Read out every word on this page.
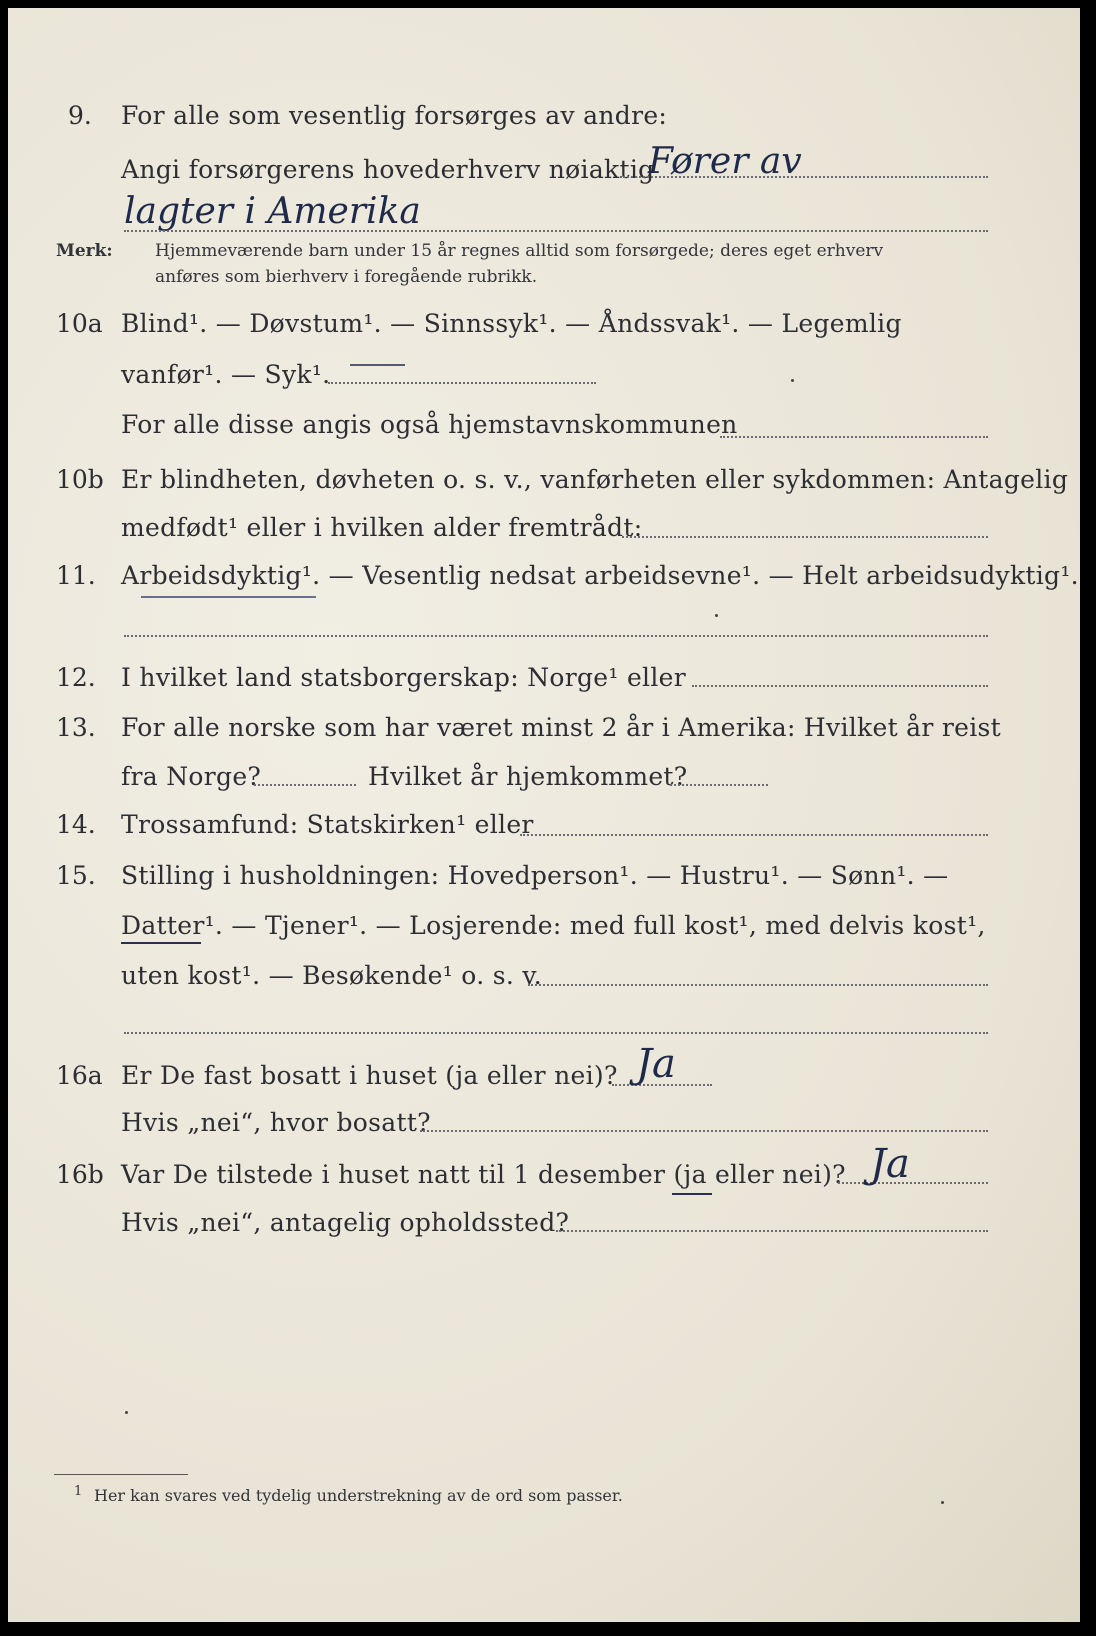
9. For alle som vesentlig forsørges av andre:
Angi forsørgerens hovederhverv nøiaktig
Fører av
lagter i Amerika
Merk: Hjemmeværende barn under 15 år regnes alltid som forsørgede; deres eget erhverv
anføres som bierhverv i foregående rubrikk.
10a Blind¹. — Døvstum¹. — Sinnssyk¹. — Åndssvak¹. — Legemlig
vanfør¹. — Syk¹.
For alle disse angis også hjemstavnskommunen
10b Er blindheten, døvheten o. s. v., vanførheten eller sykdommen: Antagelig
medfødt¹ eller i hvilken alder fremtrådt:
11. Arbeidsdyktig¹. — Vesentlig nedsat arbeidsevne¹. — Helt arbeidsudyktig¹.
12. I hvilket land statsborgerskap: Norge¹ eller
13. For alle norske som har været minst 2 år i Amerika: Hvilket år reist
fra Norge?	Hvilket år hjemkommet?
14. Trossamfund: Statskirken¹ eller
15. Stilling i husholdningen: Hovedperson¹. — Hustru¹. — Sønn¹. —
Datter¹. — Tjener¹. — Losjerende: med full kost¹, med delvis kost¹,
uten kost¹. — Besøkende¹ o. s. v.
16a Er De fast bosatt i huset (ja eller nei)? Ja
Hvis „nei“, hvor bosatt?
16b Var De tilstede i huset natt til 1 desember (ja eller nei)? Ja
Hvis „nei“, antagelig opholdssted?
1 Her kan svares ved tydelig understrekning av de ord som passer.
